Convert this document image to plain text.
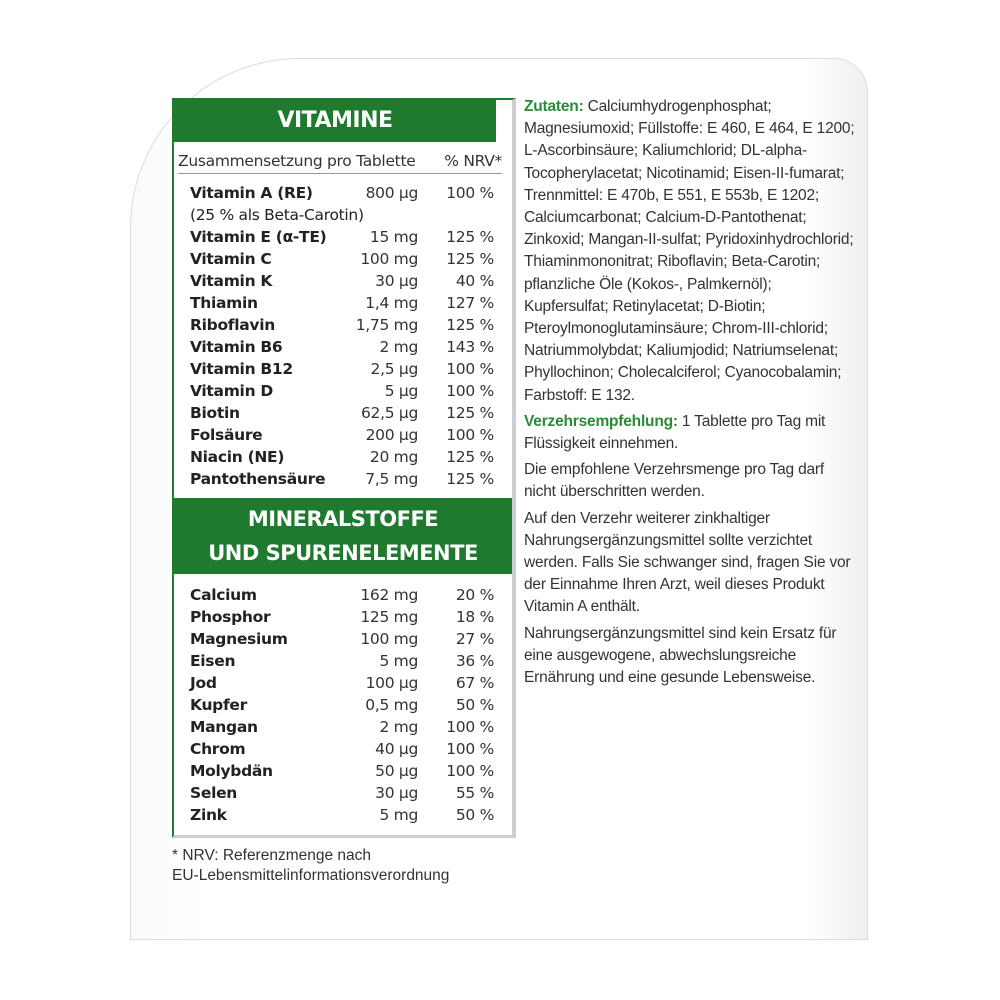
VITAMINE
Zusammensetzung pro Tablette % NRV*
Vitamin A (RE)	800 µg 100 %
(25 % als Beta-Carotin)
Vitamin E (α-TE)	15 mg 125 %
Vitamin C	100 mg 125 %
Vitamin K	30 µg 40 %
Thiamin	1,4 mg 127 %
Riboflavin	1,75 mg 125 %
Vitamin B6	2 mg 143 %
Vitamin B12	2,5 µg 100 %
Vitamin D	5 µg 100 %
Biotin	62,5 µg 125 %
Folsäure	200 µg 100 %
Niacin (NE)	20 mg 125 %
Pantothensäure	7,5 mg 125 %
MINERALSTOFFE
UND SPURENELEMENTE
Calcium	162 mg 20 %
Phosphor	125 mg 18 %
Magnesium	100 mg 27 %
Eisen	5 mg 36 %
Jod	100 µg 67 %
Kupfer	0,5 mg 50 %
Mangan	2 mg 100 %
Chrom	40 µg 100 %
Molybdän	50 µg 100 %
Selen	30 µg 55 %
Zink	5 mg 50 %
* NRV: Referenzmenge nach
EU-Lebensmittelinformationsverordnung

Zutaten: Calciumhydrogenphosphat; Magnesiumoxid; Füllstoffe: E 460, E 464, E 1200; L-Ascorbinsäure; Kaliumchlorid; DL-alpha-Tocopherylacetat; Nicotinamid; Eisen-II-fumarat; Trennmittel: E 470b, E 551, E 553b, E 1202; Calciumcarbonat; Calcium-D-Pantothenat; Zinkoxid; Mangan-II-sulfat; Pyridoxinhydrochlorid; Thiaminmononitrat; Riboflavin; Beta-Carotin; pflanzliche Öle (Kokos-, Palmkernöl); Kupfersulfat; Retinylacetat; D-Biotin; Pteroylmonoglutaminsäure; Chrom-III-chlorid; Natriummolybdat; Kaliumjodid; Natriumselenat; Phyllochinon; Cholecalciferol; Cyanocobalamin; Farbstoff: E 132.

Verzehrsempfehlung: 1 Tablette pro Tag mit Flüssigkeit einnehmen.

Die empfohlene Verzehrsmenge pro Tag darf nicht überschritten werden.

Auf den Verzehr weiterer zinkhaltiger Nahrungsergänzungsmittel sollte verzichtet werden. Falls Sie schwanger sind, fragen Sie vor der Einnahme Ihren Arzt, weil dieses Produkt Vitamin A enthält.

Nahrungsergänzungsmittel sind kein Ersatz für eine ausgewogene, abwechslungsreiche Ernährung und eine gesunde Lebensweise.
